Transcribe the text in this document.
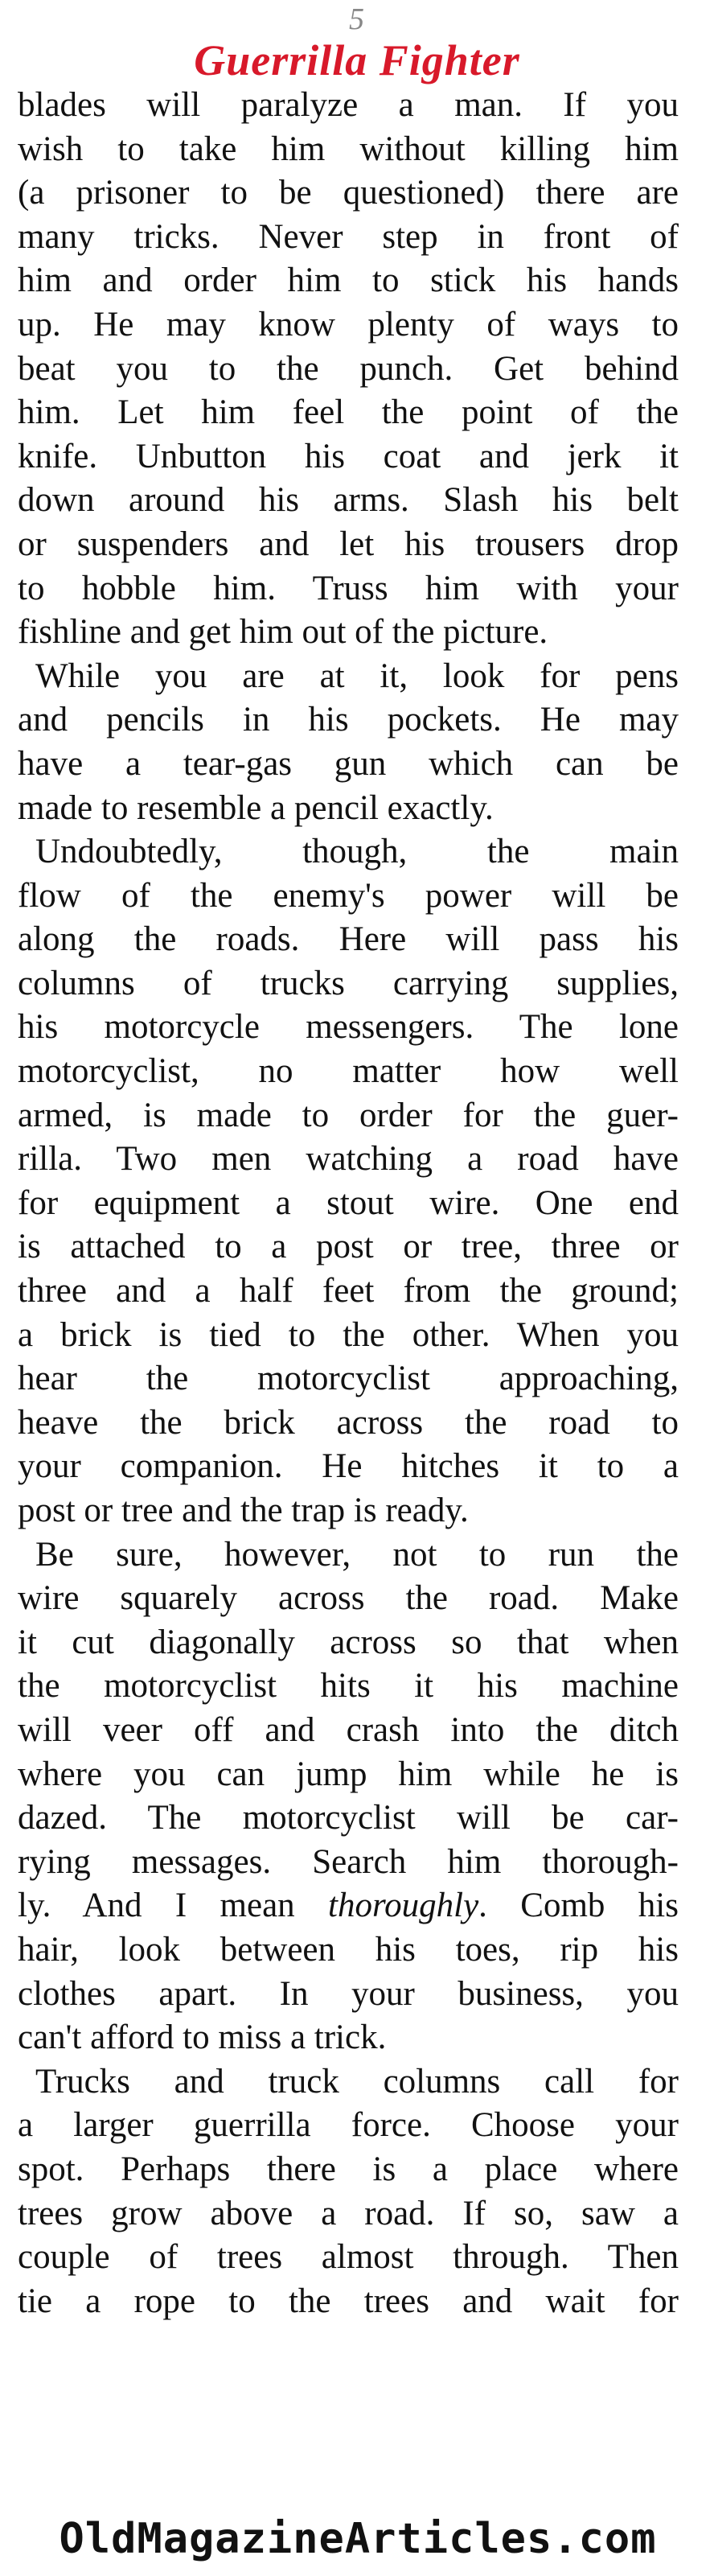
5
Guerrilla Fighter
blades will paralyze a man. If you
wish to take him without killing him
(a prisoner to be questioned) there are
many tricks. Never step in front of
him and order him to stick his hands
up. He may know plenty of ways to
beat you to the punch. Get behind
him. Let him feel the point of the
knife. Unbutton his coat and jerk it
down around his arms. Slash his belt
or suspenders and let his trousers drop
to hobble him. Truss him with your
fishline and get him out of the picture.
While you are at it, look for pens
and pencils in his pockets. He may
have a tear-gas gun which can be
made to resemble a pencil exactly.
Undoubtedly, though, the main
flow of the enemy's power will be
along the roads. Here will pass his
columns of trucks carrying supplies,
his motorcycle messengers. The lone
motorcyclist, no matter how well
armed, is made to order for the guer-
rilla. Two men watching a road have
for equipment a stout wire. One end
is attached to a post or tree, three or
three and a half feet from the ground;
a brick is tied to the other. When you
hear the motorcyclist approaching,
heave the brick across the road to
your companion. He hitches it to a
post or tree and the trap is ready.
Be sure, however, not to run the
wire squarely across the road. Make
it cut diagonally across so that when
the motorcyclist hits it his machine
will veer off and crash into the ditch
where you can jump him while he is
dazed. The motorcyclist will be car-
rying messages. Search him thorough-
ly. And I mean thoroughly. Comb his
hair, look between his toes, rip his
clothes apart. In your business, you
can't afford to miss a trick.
Trucks and truck columns call for
a larger guerrilla force. Choose your
spot. Perhaps there is a place where
trees grow above a road. If so, saw a
couple of trees almost through. Then
tie a rope to the trees and wait for
OldMagazineArticles.com
